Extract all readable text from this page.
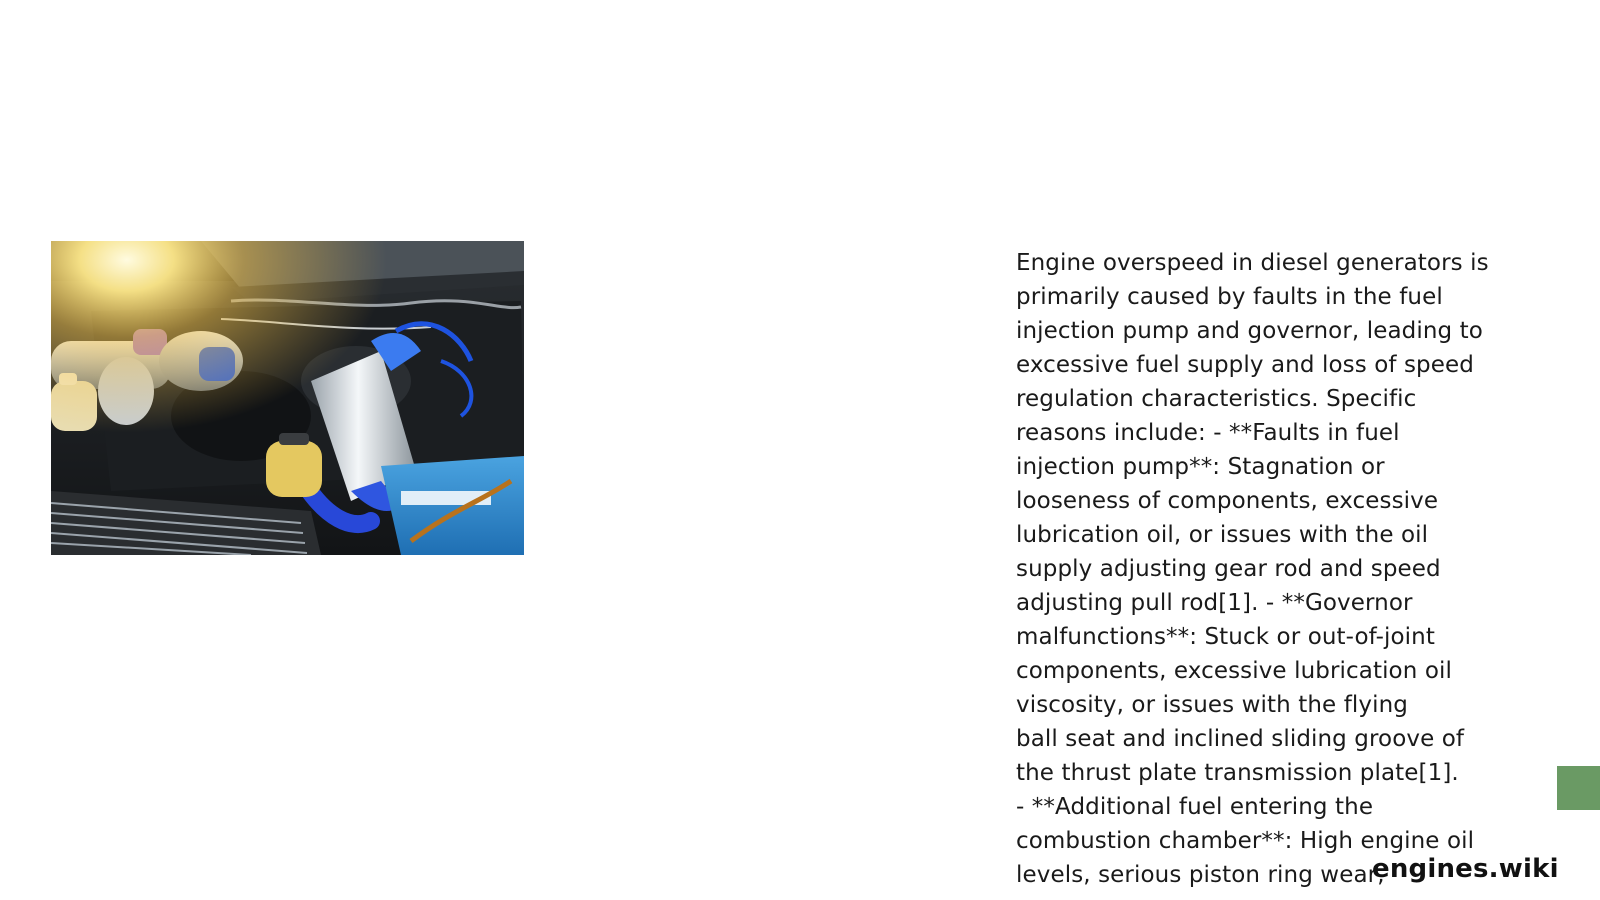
Engine overspeed in diesel generators is
primarily caused by faults in the fuel
injection pump and governor, leading to
excessive fuel supply and loss of speed
regulation characteristics. Specific
reasons include: - **Faults in fuel
injection pump**: Stagnation or
looseness of components, excessive
lubrication oil, or issues with the oil
supply adjusting gear rod and speed
adjusting pull rod[1]. - **Governor
malfunctions**: Stuck or out-of-joint
components, excessive lubrication oil
viscosity, or issues with the flying
ball seat and inclined sliding groove of
the thrust plate transmission plate[1].
- **Additional fuel entering the
combustion chamber**: High engine oil
levels, serious piston ring wear,
engines.wiki
